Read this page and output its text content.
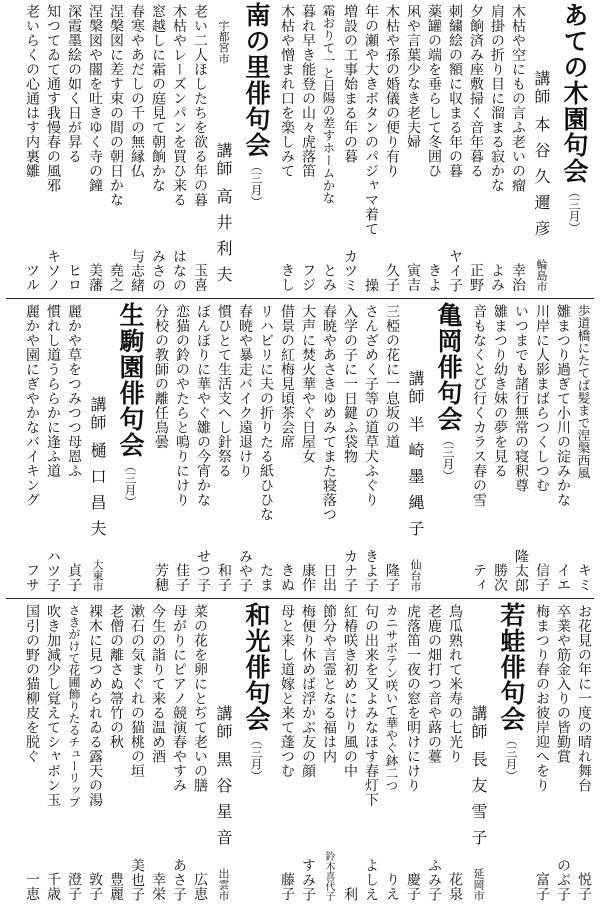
あての木園句会
（ 三月 ）
輪島市
講師本谷久邇彦
木枯や空にもの言ふ老いの瘤
幸治
肩掛の折り目に溜まる寂かな
よみ
夕餉済み座敷掃く音年暮る
正野
刺繍絵の額に収まる年の暮
ヤイ子
薬罐の端を垂らして冬囲ひ
きよ
凩や言葉少なき老夫婦
寅吉
木枯や孫の婚儀の便り有り
久子
年の瀬や大きボタンのパジャマ着て
操
増設の工事始まる年の暮
カツミ
霜おりて一と日陽の差すホームかな
とみ
暮れ早き能登の山々虎落笛
フジ
木枯や憎まれ口を楽しみて
きし
南の里俳句会
（ 三月 ）
宇都宮市
講師高井利夫
老い二人ほしたちを欲る年の暮
玉喜
木枯やレーズンパンを買ひ来る
はなの
窓越しに霜の庭見て朝餉かな
みさの
春寒やあだしの千の無縁仏
与志緒
涅槃図に差す束の間の朝日かな
堯之
涅槃図や闇を吐きゆく寺の鐘
美藩
深霞墨絵の如く日が昇る
ヒロ
知つてゐて通す我慢春の風邪
キソノ
老いらくの心通はす内裏雛
ツル
歩道橋にたてば髪まで涅槃西風
キミ
雛まつり過ぎて小川の淀みかな
イエ
川岸に人影まばらつくしつむ
信子
いつまでも諸行無常の寝釈尊
隆太郎
雛まつり幼き妹の夢を見る
勝次
音もなくとび行くカラス春の雪
ティ
亀岡俳句会
（ 三月 ）
仙台市
講師半崎墨縄子
三椏の花に一息坂の道
隆子
さんざめく子等の道草犬ふぐり
きよ子
入学の子に一日鍵ふ袋物
カナ子
春暁やあさきゆめみてまた寝落つ
日出
大声に焚火華やぐ日屋女
康作
借景の紅梅見頃茶会席
きぬ
リハビリに夫の折りたる紙ひひな
たま
春暁や暴走バイク遠退けり
みや子
慣ひとて生活支へし針祭る
和子
ぼんぼりに華やぐ雛の今宵かな
せつ子
恋猫の鈴のやたらと鳴りにけり
佳子
分校の教師の離任鳥曇
芳穂
生駒園俳句会
（ 三月 ）
大東市
講師樋口昌夫
麗かや草をつみつつ母恩ふ
貞子
慣れし道うららかに逢ふ道
ハツ子
麗かや園にぎやかなバイキング
フサ
お花見の年に一度の晴れ舞台
悦子
卒業や筋金入りの皆勤賞
のぶ子
梅まつり春のお彼岸迎へをり
富子
若蛙俳句会
（ 三月 ）
延岡市
講師長友雪子
鳥瓜熟れて米寿の七光り
花泉
老鹿の畑打つ音や蕗の薹
ふみ子
虎落笛一夜の窓を明けにけり
慶子
カニサボテン咲いて華やぐ鉢二つ
りえ
句の出来を又よみなほす春灯下
よしえ
紅椿咲き初めにけり風の中
利
節分や言霊となる福は内
鈴木喜代子
梅便り休めば浮かぶ友の顔
すみ子
母と来し道嫁と来て蓬つむ
藤子
和光俳句会
（ 三月 ）
出雲市
講師黒谷星音
菜の花を卵にとぢて老いの膳
広恵
母がりにピアノ競演春やすみ
あさ子
今生の詣りて来る温め酒
幸栄
漱石の気まぐれの猫桃の垣
美也子
老僧の離さぬ箒竹の秋
豊麗
裸木に見つめられゐる露天の湯
敦子
さきがけて花圃飾りたるチューリップ
澄子
吹き加減少し覚えてシャボン玉
千歳
国引の野の猫柳皮を脱ぐ
一恵
